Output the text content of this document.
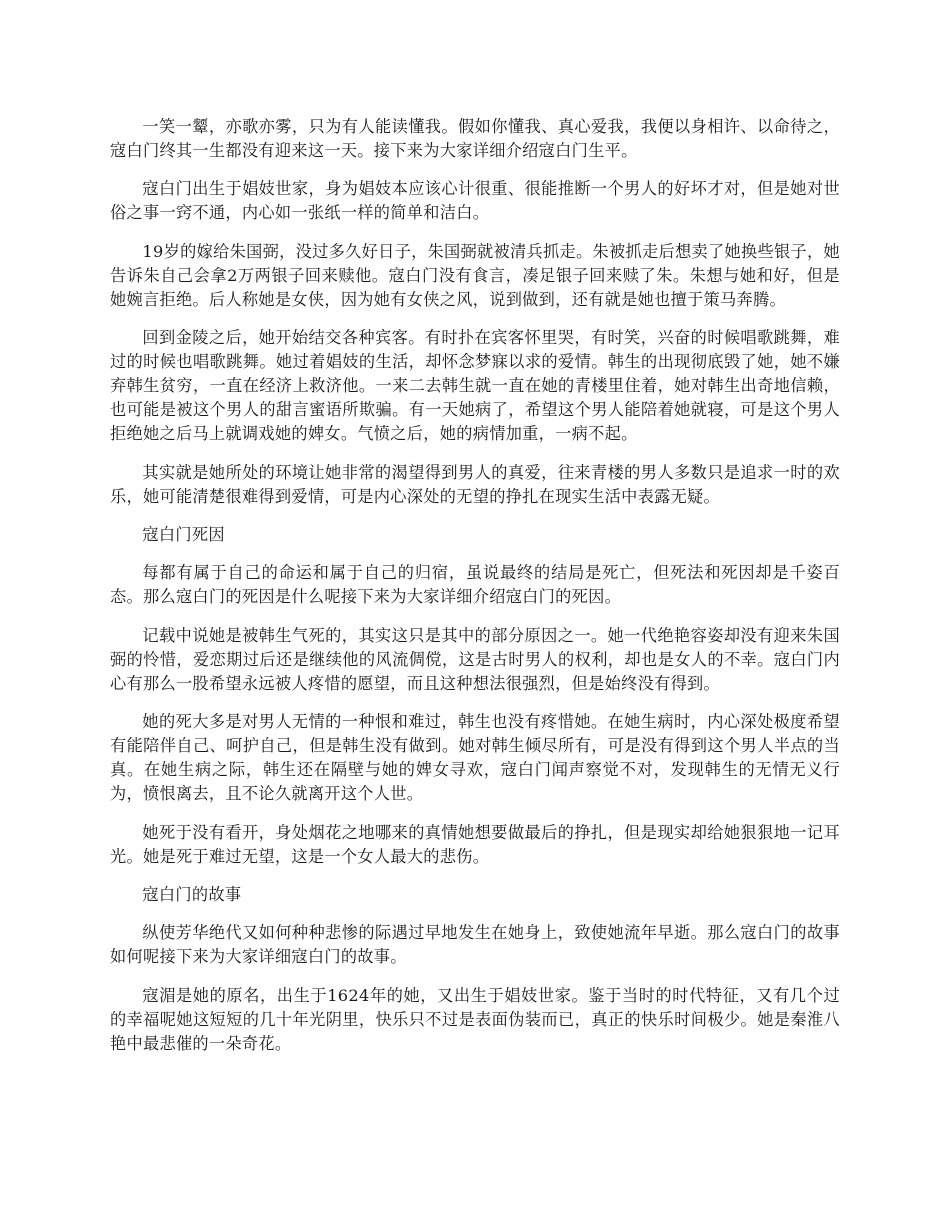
一笑一颦，亦歌亦雾，只为有人能读懂我。假如你懂我、真心爱我，我便以身相许、以命待之，寇白门终其一生都没有迎来这一天。接下来为大家详细介绍寇白门生平。

寇白门出生于娼妓世家，身为娼妓本应该心计很重、很能推断一个男人的好坏才对，但是她对世俗之事一窍不通，内心如一张纸一样的简单和洁白。

19岁的嫁给朱国弼，没过多久好日子，朱国弼就被清兵抓走。朱被抓走后想卖了她换些银子，她告诉朱自己会拿2万两银子回来赎他。寇白门没有食言，凑足银子回来赎了朱。朱想与她和好，但是她婉言拒绝。后人称她是女侠，因为她有女侠之风，说到做到，还有就是她也擅于策马奔腾。

回到金陵之后，她开始结交各种宾客。有时扑在宾客怀里哭，有时笑，兴奋的时候唱歌跳舞，难过的时候也唱歌跳舞。她过着娼妓的生活，却怀念梦寐以求的爱情。韩生的出现彻底毁了她，她不嫌弃韩生贫穷，一直在经济上救济他。一来二去韩生就一直在她的青楼里住着，她对韩生出奇地信赖，也可能是被这个男人的甜言蜜语所欺骗。有一天她病了，希望这个男人能陪着她就寝，可是这个男人拒绝她之后马上就调戏她的婢女。气愤之后，她的病情加重，一病不起。

其实就是她所处的环境让她非常的渴望得到男人的真爱，往来青楼的男人多数只是追求一时的欢乐，她可能清楚很难得到爱情，可是内心深处的无望的挣扎在现实生活中表露无疑。

寇白门死因

每都有属于自己的命运和属于自己的归宿，虽说最终的结局是死亡，但死法和死因却是千姿百态。那么寇白门的死因是什么呢接下来为大家详细介绍寇白门的死因。

记载中说她是被韩生气死的，其实这只是其中的部分原因之一。她一代绝艳容姿却没有迎来朱国弼的怜惜，爱恋期过后还是继续他的风流倜傥，这是古时男人的权利，却也是女人的不幸。寇白门内心有那么一股希望永远被人疼惜的愿望，而且这种想法很强烈，但是始终没有得到。

她的死大多是对男人无情的一种恨和难过，韩生也没有疼惜她。在她生病时，内心深处极度希望有能陪伴自己、呵护自己，但是韩生没有做到。她对韩生倾尽所有，可是没有得到这个男人半点的当真。在她生病之际，韩生还在隔壁与她的婢女寻欢，寇白门闻声察觉不对，发现韩生的无情无义行为，愤恨离去，且不论久就离开这个人世。

她死于没有看开，身处烟花之地哪来的真情她想要做最后的挣扎，但是现实却给她狠狠地一记耳光。她是死于难过无望，这是一个女人最大的悲伤。

寇白门的故事

纵使芳华绝代又如何种种悲惨的际遇过早地发生在她身上，致使她流年早逝。那么寇白门的故事如何呢接下来为大家详细寇白门的故事。

寇湄是她的原名，出生于1624年的她，又出生于娼妓世家。鉴于当时的时代特征，又有几个过的幸福呢她这短短的几十年光阴里，快乐只不过是表面伪装而已，真正的快乐时间极少。她是秦淮八艳中最悲催的一朵奇花。
